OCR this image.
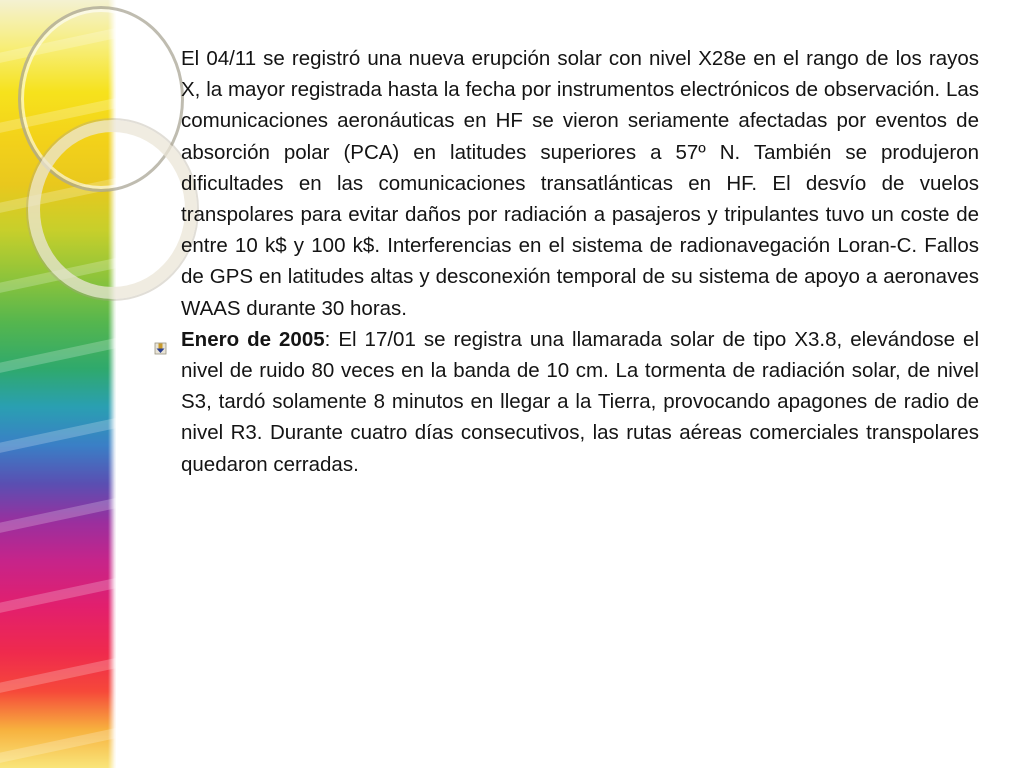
El 04/11 se registró una nueva erupción solar con nivel X28e en el rango de los rayos X, la mayor registrada hasta la fecha por instrumentos electrónicos de observación. Las comunicaciones aeronáuticas en HF se vieron seriamente afectadas por eventos de absorción polar (PCA) en latitudes superiores a 57º N. También se produjeron dificultades en las comunicaciones transatlánticas en HF. El desvío de vuelos transpolares para evitar daños por radiación a pasajeros y tripulantes tuvo un coste de entre 10 k$ y 100 k$. Interferencias en el sistema de radionavegación Loran-C. Fallos de GPS en latitudes altas y desconexión temporal de su sistema de apoyo a aeronaves WAAS durante 30 horas.

Enero de 2005: El 17/01 se registra una llamarada solar de tipo X3.8, elevándose el nivel de ruido 80 veces en la banda de 10 cm. La tormenta de radiación solar, de nivel S3, tardó solamente 8 minutos en llegar a la Tierra, provocando apagones de radio de nivel R3. Durante cuatro días consecutivos, las rutas aéreas comerciales transpolares quedaron cerradas.
